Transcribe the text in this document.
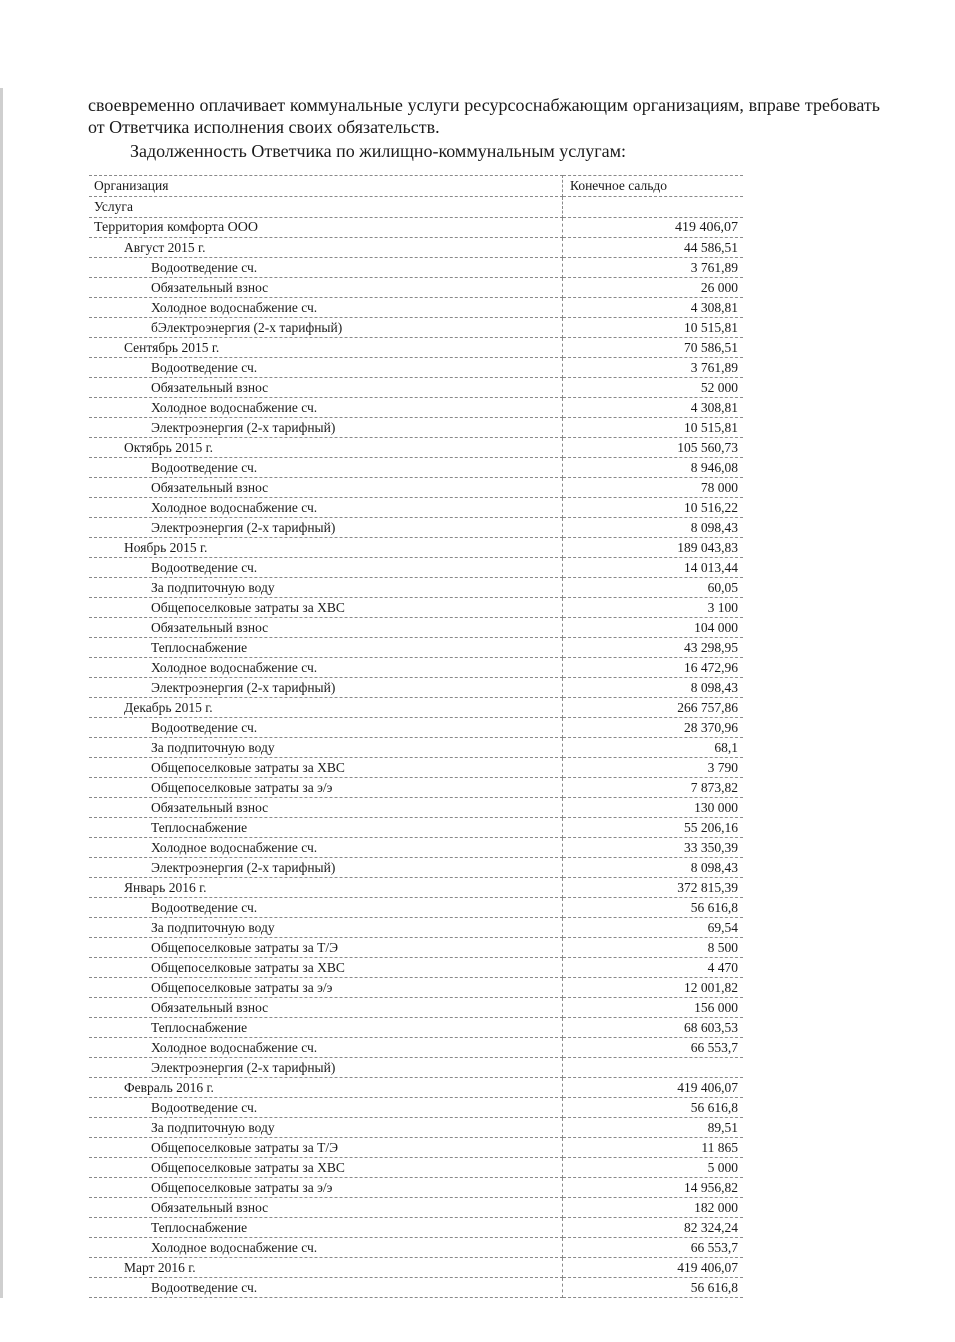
своевременно оплачивает коммунальные услуги ресурсоснабжающим организациям, вправе требовать от Ответчика исполнения своих обязательств.

Задолженность Ответчика по жилищно-коммунальным услугам:
Организация	Конечное сальдо
Услуга	
Территория комфорта ООО	419 406,07
Август 2015 г.	44 586,51
Водоотведение сч.	3 761,89
Обязательный взнос	26 000
Холодное водоснабжение сч.	4 308,81
бЭлектроэнергия (2-х тарифный)	10 515,81
Сентябрь 2015 г.	70 586,51
Водоотведение сч.	3 761,89
Обязательный взнос	52 000
Холодное водоснабжение сч.	4 308,81
Электроэнергия (2-х тарифный)	10 515,81
Октябрь 2015 г.	105 560,73
Водоотведение сч.	8 946,08
Обязательный взнос	78 000
Холодное водоснабжение сч.	10 516,22
Электроэнергия (2-х тарифный)	8 098,43
Ноябрь 2015 г.	189 043,83
Водоотведение сч.	14 013,44
За подпиточную воду	60,05
Общепоселковые затраты за ХВС	3 100
Обязательный взнос	104 000
Теплоснабжение	43 298,95
Холодное водоснабжение сч.	16 472,96
Электроэнергия (2-х тарифный)	8 098,43
Декабрь 2015 г.	266 757,86
Водоотведение сч.	28 370,96
За подпиточную воду	68,1
Общепоселковые затраты за ХВС	3 790
Общепоселковые затраты за э/э	7 873,82
Обязательный взнос	130 000
Теплоснабжение	55 206,16
Холодное водоснабжение сч.	33 350,39
Электроэнергия (2-х тарифный)	8 098,43
Январь 2016 г.	372 815,39
Водоотведение сч.	56 616,8
За подпиточную воду	69,54
Общепоселковые затраты за Т/Э	8 500
Общепоселковые затраты за ХВС	4 470
Общепоселковые затраты за э/э	12 001,82
Обязательный взнос	156 000
Теплоснабжение	68 603,53
Холодное водоснабжение сч.	66 553,7
Электроэнергия (2-х тарифный)	
Февраль 2016 г.	419 406,07
Водоотведение сч.	56 616,8
За подпиточную воду	89,51
Общепоселковые затраты за Т/Э	11 865
Общепоселковые затраты за ХВС	5 000
Общепоселковые затраты за э/э	14 956,82
Обязательный взнос	182 000
Теплоснабжение	82 324,24
Холодное водоснабжение сч.	66 553,7
Март 2016 г.	419 406,07
Водоотведение сч.	56 616,8
